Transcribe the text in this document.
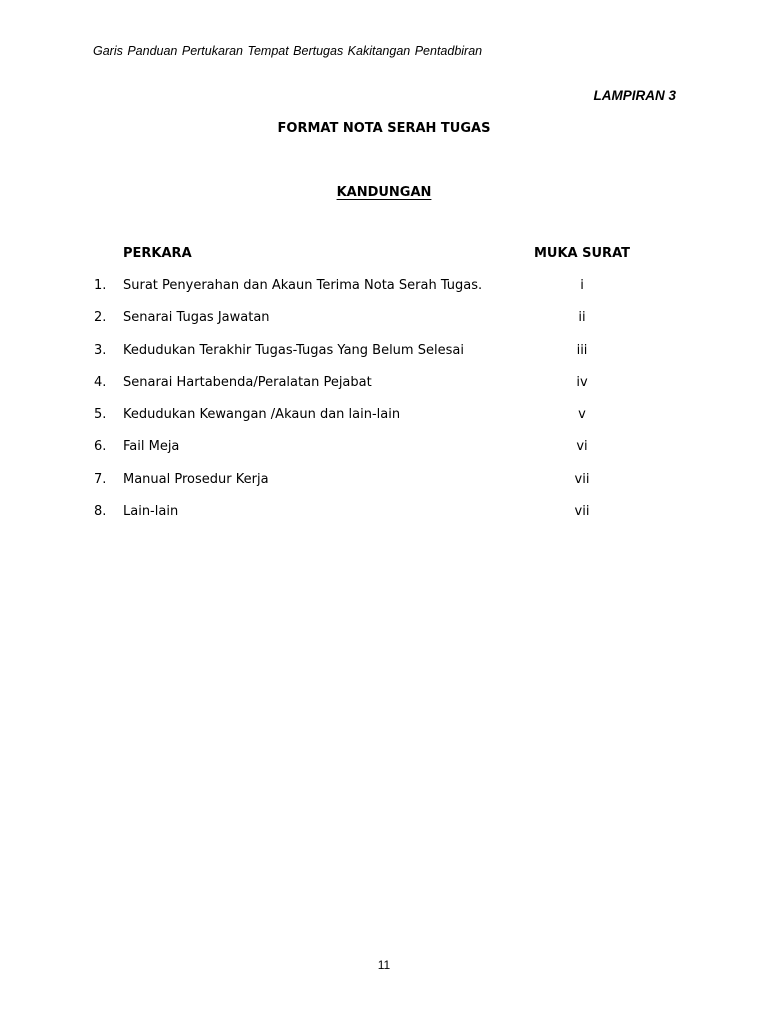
Garis Panduan Pertukaran Tempat Bertugas Kakitangan Pentadbiran
LAMPIRAN 3
FORMAT NOTA SERAH TUGAS
KANDUNGAN
PERKARA	MUKA SURAT
1. Surat Penyerahan dan Akaun Terima Nota Serah Tugas.	i
2. Senarai Tugas Jawatan	ii
3. Kedudukan Terakhir Tugas-Tugas Yang Belum Selesai	iii
4. Senarai Hartabenda/Peralatan Pejabat	iv
5. Kedudukan Kewangan /Akaun dan lain-lain	v
6. Fail Meja	vi
7. Manual Prosedur Kerja	vii
8. Lain-lain	vii
11
